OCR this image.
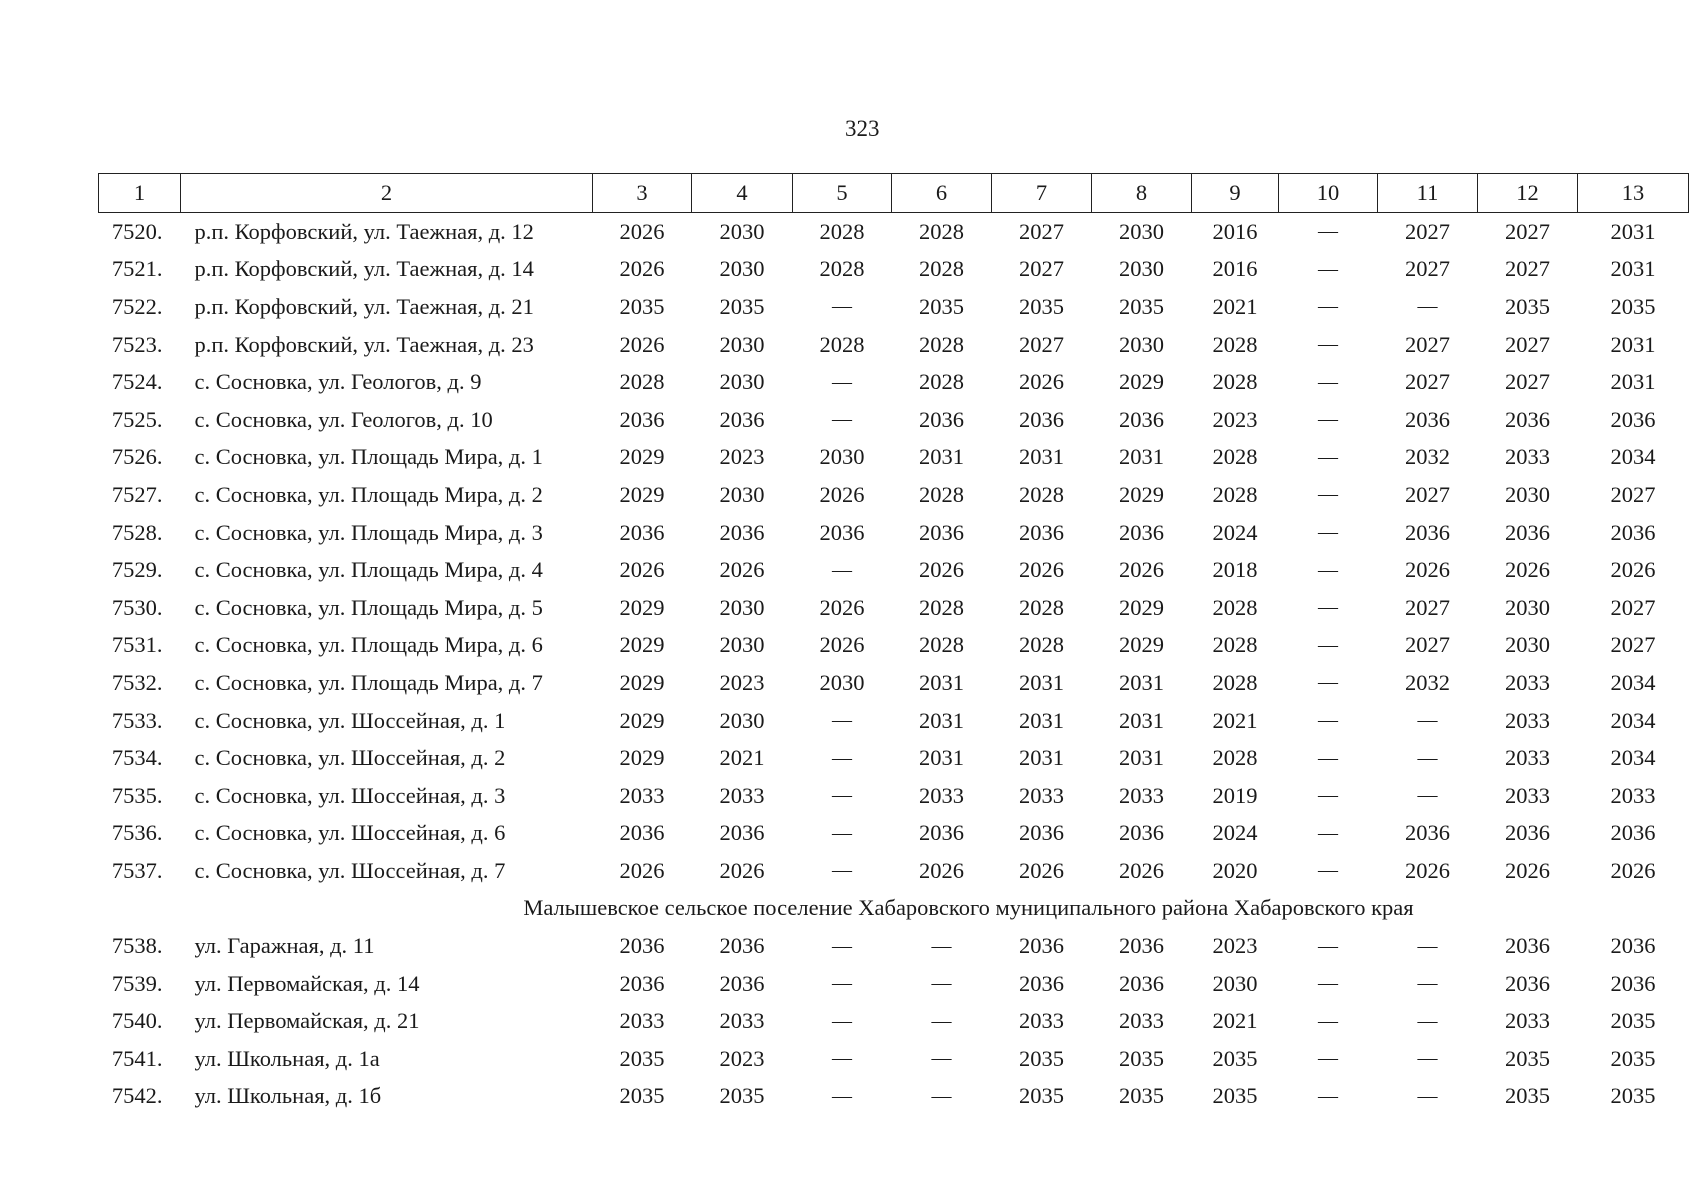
323
1	2	3	4	5	6	7	8	9	10	11	12	13
7520.	р.п. Корфовский, ул. Таежная, д. 12	2026	2030	2028	2028	2027	2030	2016	—	2027	2027	2031
7521.	р.п. Корфовский, ул. Таежная, д. 14	2026	2030	2028	2028	2027	2030	2016	—	2027	2027	2031
7522.	р.п. Корфовский, ул. Таежная, д. 21	2035	2035	—	2035	2035	2035	2021	—	—	2035	2035
7523.	р.п. Корфовский, ул. Таежная, д. 23	2026	2030	2028	2028	2027	2030	2028	—	2027	2027	2031
7524.	с. Сосновка, ул. Геологов, д. 9	2028	2030	—	2028	2026	2029	2028	—	2027	2027	2031
7525.	с. Сосновка, ул. Геологов, д. 10	2036	2036	—	2036	2036	2036	2023	—	2036	2036	2036
7526.	с. Сосновка, ул. Площадь Мира, д. 1	2029	2023	2030	2031	2031	2031	2028	—	2032	2033	2034
7527.	с. Сосновка, ул. Площадь Мира, д. 2	2029	2030	2026	2028	2028	2029	2028	—	2027	2030	2027
7528.	с. Сосновка, ул. Площадь Мира, д. 3	2036	2036	2036	2036	2036	2036	2024	—	2036	2036	2036
7529.	с. Сосновка, ул. Площадь Мира, д. 4	2026	2026	—	2026	2026	2026	2018	—	2026	2026	2026
7530.	с. Сосновка, ул. Площадь Мира, д. 5	2029	2030	2026	2028	2028	2029	2028	—	2027	2030	2027
7531.	с. Сосновка, ул. Площадь Мира, д. 6	2029	2030	2026	2028	2028	2029	2028	—	2027	2030	2027
7532.	с. Сосновка, ул. Площадь Мира, д. 7	2029	2023	2030	2031	2031	2031	2028	—	2032	2033	2034
7533.	с. Сосновка, ул. Шоссейная, д. 1	2029	2030	—	2031	2031	2031	2021	—	—	2033	2034
7534.	с. Сосновка, ул. Шоссейная, д. 2	2029	2021	—	2031	2031	2031	2028	—	—	2033	2034
7535.	с. Сосновка, ул. Шоссейная, д. 3	2033	2033	—	2033	2033	2033	2019	—	—	2033	2033
7536.	с. Сосновка, ул. Шоссейная, д. 6	2036	2036	—	2036	2036	2036	2024	—	2036	2036	2036
7537.	с. Сосновка, ул. Шоссейная, д. 7	2026	2026	—	2026	2026	2026	2020	—	2026	2026	2026
Малышевское сельское поселение Хабаровского муниципального района Хабаровского края												
7538.	ул. Гаражная, д. 11	2036	2036	—	—	2036	2036	2023	—	—	2036	2036
7539.	ул. Первомайская, д. 14	2036	2036	—	—	2036	2036	2030	—	—	2036	2036
7540.	ул. Первомайская, д. 21	2033	2033	—	—	2033	2033	2021	—	—	2033	2035
7541.	ул. Школьная, д. 1а	2035	2023	—	—	2035	2035	2035	—	—	2035	2035
7542.	ул. Школьная, д. 1б	2035	2035	—	—	2035	2035	2035	—	—	2035	2035
